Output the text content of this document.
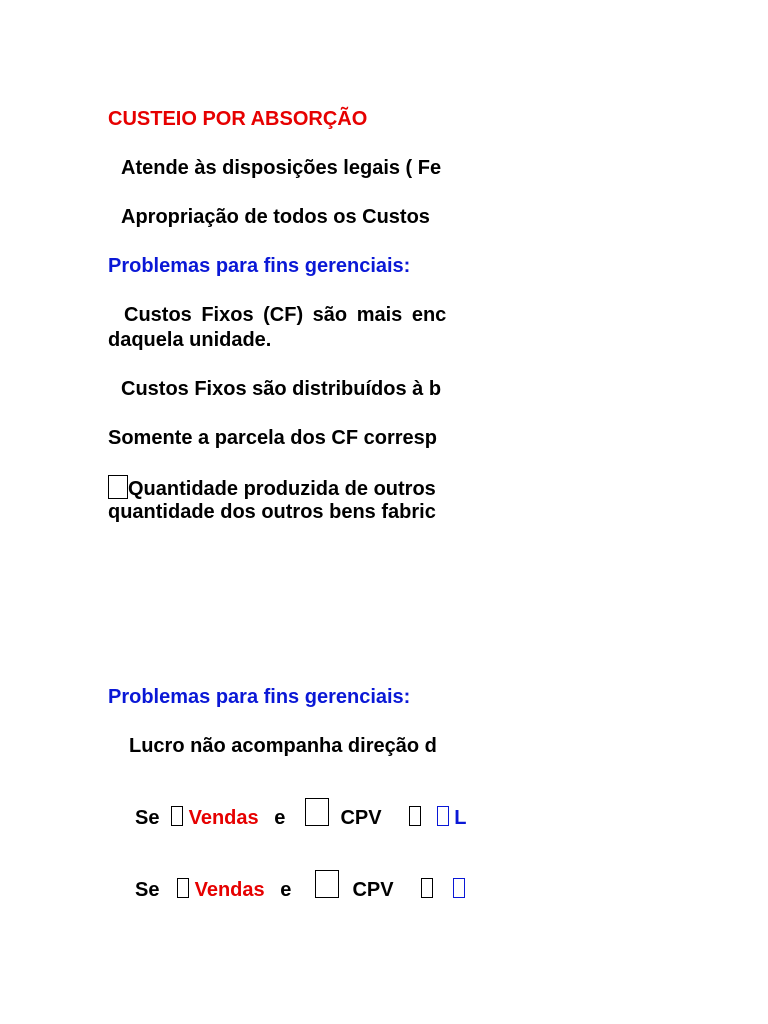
CUSTEIO POR ABSORÇÃO
Atende às disposições legais ( Fe
Apropriação de todos os Custos
Problemas para fins gerenciais:
Custos Fixos (CF) são mais enc
daquela unidade.
Custos Fixos são distribuídos à b
Somente a parcela dos CF corresp
Quantidade produzida de outros
quantidade dos outros bens fabric
Problemas para fins gerenciais:
Lucro não acompanha direção d
Se Vendas e	CPV	L
Se Vendas e	CPV
